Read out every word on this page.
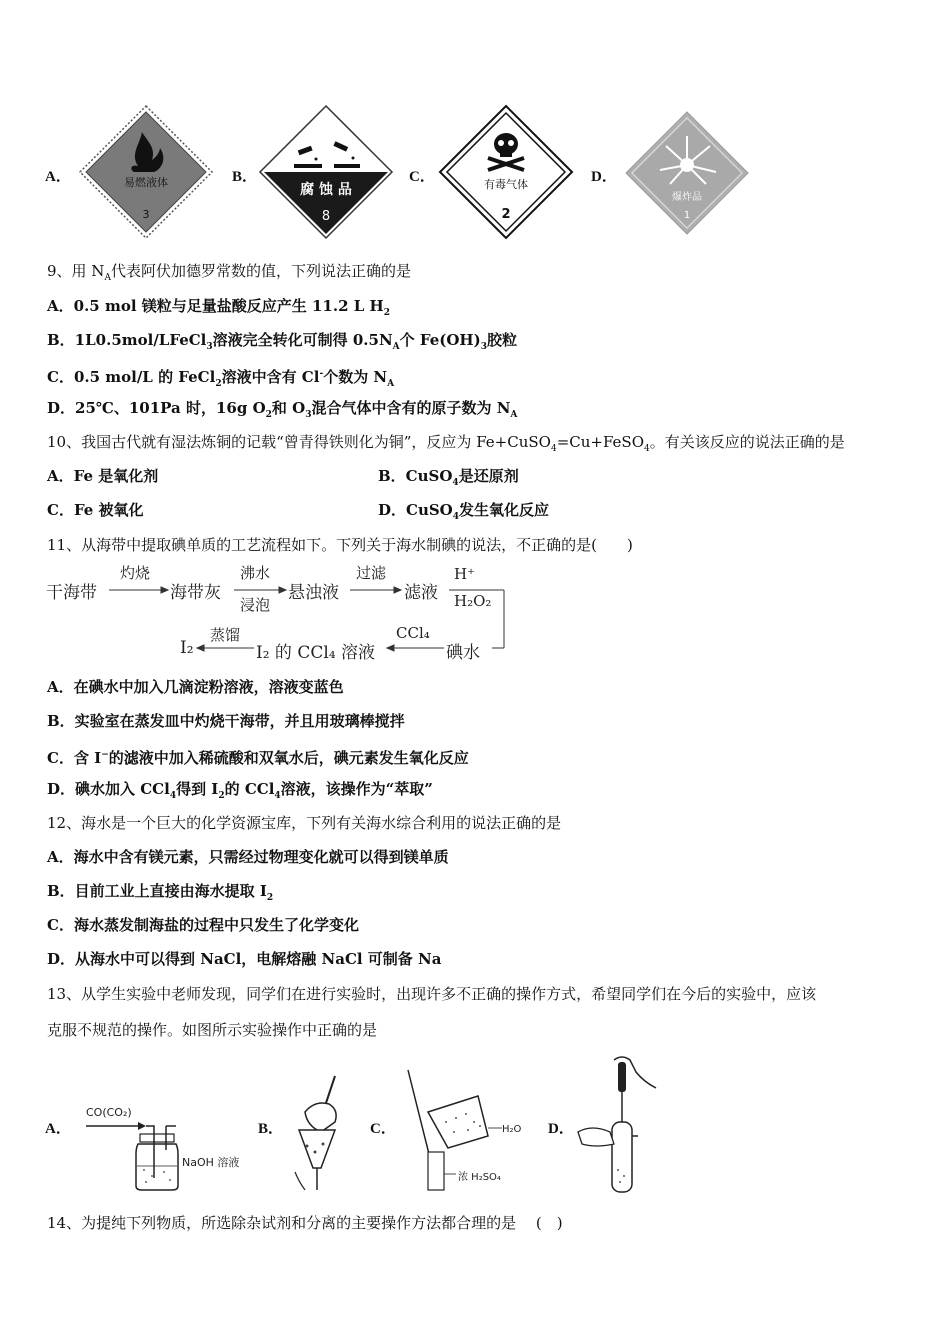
A．	易燃液体
3
B．
腐 蚀 品
8
C．	有毒气体
2
D．
爆炸品
1
9、用 $N_A$代表阿伏加德罗常数的值，下列说法正确的是
A．0.5 mol 镁粒与足量盐酸反应产生 11.2 L $H_2$
B．1L0.5mol/LFeCl$_3$溶液完全转化可制得 $0.5N_A$个 $Fe(OH)_3$胶粒
C．0.5 mol/L 的 FeCl$_2$溶液中含有 Cl-个数为 $N_A$
D．25℃、101Pa 时，16g $O_2$和 $O_3$混合气体中含有的原子数为 $N_A$
10、我国古代就有湿法炼铜的记载“曾青得铁则化为铜”，反应为 Fe+CuSO$_4$=Cu+FeSO$_4$。有关该反应的说法正确的是
A．Fe 是氧化剂	B．CuSO$_4$是还原剂
C．Fe 被氧化	D．CuSO$_4$发生氧化反应
11、从海带中提取碘单质的工艺流程如下。下列关于海水制碘的说法，不正确的是(　　)
干海带
灼烧
海带灰
沸水
浸泡
悬浊液
过滤
滤液
H⁺
H₂O₂
碘水
CCl₄
I₂ 的 CCl₄ 溶液
蒸馏
I₂
A．在碘水中加入几滴淀粉溶液，溶液变蓝色
B．实验室在蒸发皿中灼烧干海带，并且用玻璃棒搅拌
C．含 I−的滤液中加入稀硫酸和双氧水后，碘元素发生氧化反应
D．碘水加入 CCl$_4$得到 $I_2$的 CCl$_4$溶液，该操作为“萃取”
12、海水是一个巨大的化学资源宝库，下列有关海水综合利用的说法正确的是
A．海水中含有镁元素，只需经过物理变化就可以得到镁单质
B．目前工业上直接由海水提取 $I_2$
C．海水蒸发制海盐的过程中只发生了化学变化
D．从海水中可以得到 NaCl，电解熔融 NaCl 可制备 Na
13、从学生实验中老师发现，同学们在进行实验时，出现许多不正确的操作方式，希望同学们在今后的实验中，应该
克服不规范的操作。如图所示实验操作中正确的是
A．
CO(CO₂)
NaOH 溶液
B．	C．	H₂O
浓 H₂SO₄
D．
14、为提纯下列物质，所选除杂试剂和分离的主要操作方法都合理的是　 (　)
